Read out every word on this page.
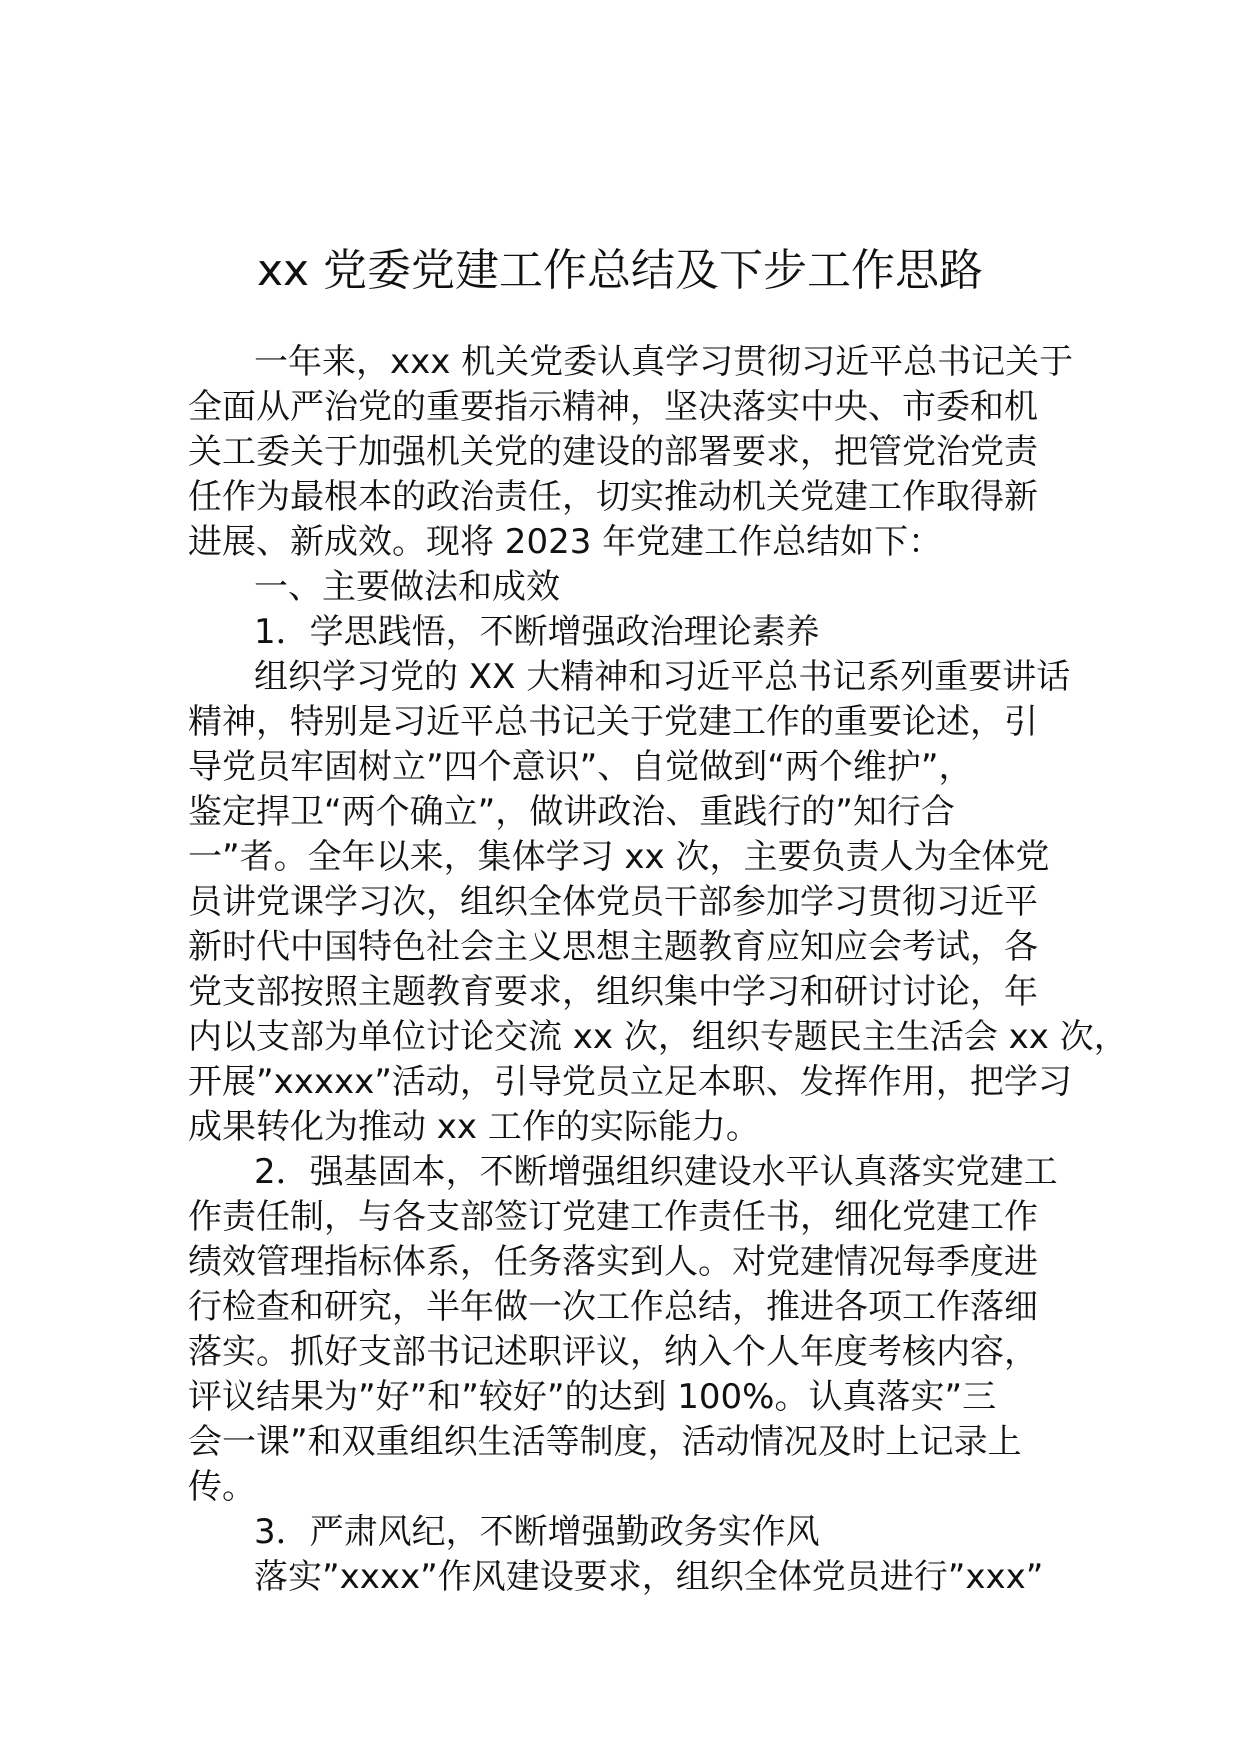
xx 党委党建工作总结及下步工作思路
一年来，xxx 机关党委认真学习贯彻习近平总书记关于
全面从严治党的重要指示精神，坚决落实中央、市委和机
关工委关于加强机关党的建设的部署要求，把管党治党责
任作为最根本的政治责任，切实推动机关党建工作取得新
进展、新成效。现将 2023 年党建工作总结如下：
一、主要做法和成效
1．学思践悟，不断增强政治理论素养
组织学习党的 XX 大精神和习近平总书记系列重要讲话
精神，特别是习近平总书记关于党建工作的重要论述，引
导党员牢固树立”四个意识”、自觉做到“两个维护”，
鉴定捍卫“两个确立”，做讲政治、重践行的”知行合
一”者。全年以来，集体学习 xx 次，主要负责人为全体党
员讲党课学习次，组织全体党员干部参加学习贯彻习近平
新时代中国特色社会主义思想主题教育应知应会考试，各
党支部按照主题教育要求，组织集中学习和研讨讨论，年
内以支部为单位讨论交流 xx 次，组织专题民主生活会 xx 次，
开展”xxxxx”活动，引导党员立足本职、发挥作用，把学习
成果转化为推动 xx 工作的实际能力。
2．强基固本，不断增强组织建设水平认真落实党建工
作责任制，与各支部签订党建工作责任书，细化党建工作
绩效管理指标体系，任务落实到人。对党建情况每季度进
行检查和研究，半年做一次工作总结，推进各项工作落细
落实。抓好支部书记述职评议，纳入个人年度考核内容，
评议结果为”好”和”较好”的达到 100%。认真落实”三
会一课”和双重组织生活等制度，活动情况及时上记录上
传。
3．严肃风纪，不断增强勤政务实作风
落实”xxxx”作风建设要求，组织全体党员进行”xxx”
